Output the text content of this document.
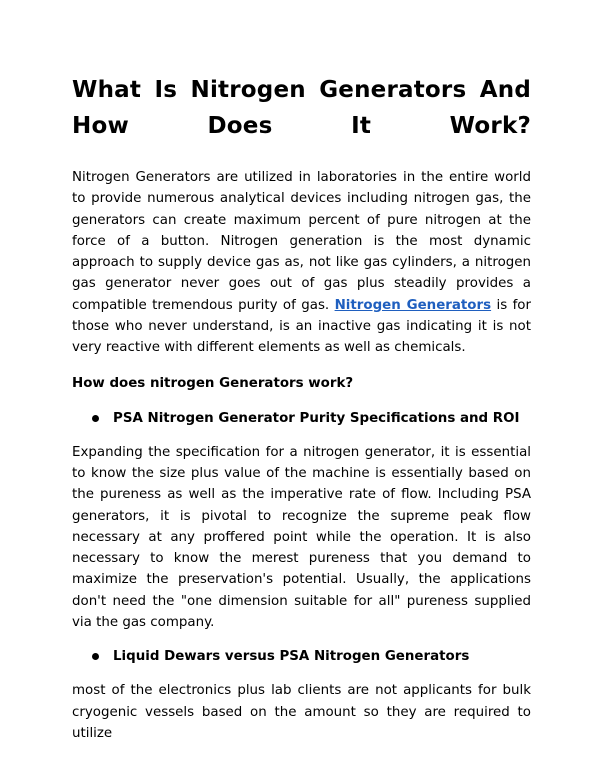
What Is Nitrogen Generators And How Does It Work?

Nitrogen Generators are utilized in laboratories in the entire world to provide numerous analytical devices including nitrogen gas, the generators can create maximum percent of pure nitrogen at the force of a button. Nitrogen generation is the most dynamic approach to supply device gas as, not like gas cylinders, a nitrogen gas generator never goes out of gas plus steadily provides a compatible tremendous purity of gas. Nitrogen Generators is for those who never understand, is an inactive gas indicating it is not very reactive with different elements as well as chemicals.

How does nitrogen Generators work?
PSA Nitrogen Generator Purity Specifications and ROI

Expanding the specification for a nitrogen generator, it is essential to know the size plus value of the machine is essentially based on the pureness as well as the imperative rate of flow. Including PSA generators, it is pivotal to recognize the supreme peak flow necessary at any proffered point while the operation. It is also necessary to know the merest pureness that you demand to maximize the preservation's potential. Usually, the applications don't need the "one dimension suitable for all" pureness supplied via the gas company.

Liquid Dewars versus PSA Nitrogen Generators

most of the electronics plus lab clients are not applicants for bulk cryogenic vessels based on the amount so they are required to utilize
